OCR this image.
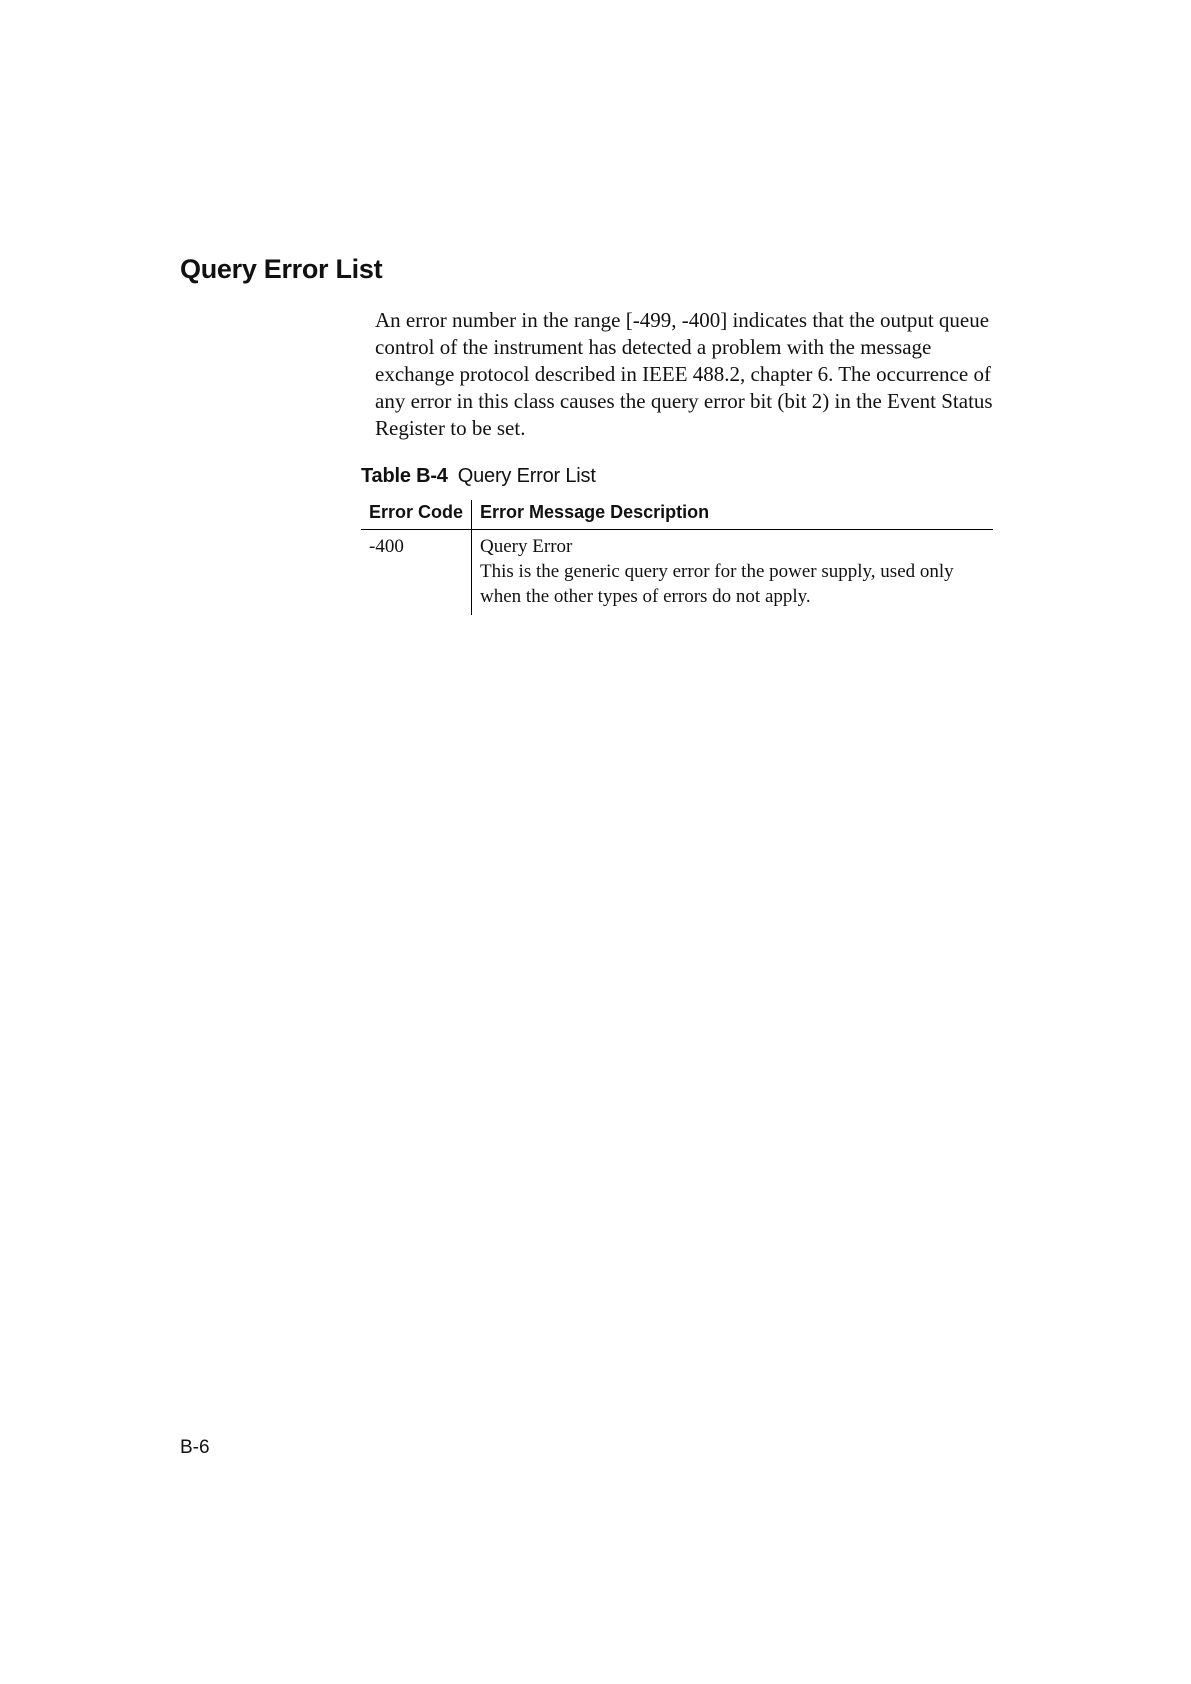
Query Error List

An error number in the range [-499, -400] indicates that the output queue control of the instrument has detected a problem with the message exchange protocol described in IEEE 488.2, chapter 6. The occurrence of any error in this class causes the query error bit (bit 2) in the Event Status Register to be set.

Table B-4 Query Error List

Error Code	Error Message Description
-400	Query Error
This is the generic query error for the power supply, used only when the other types of errors do not apply.

B-6
